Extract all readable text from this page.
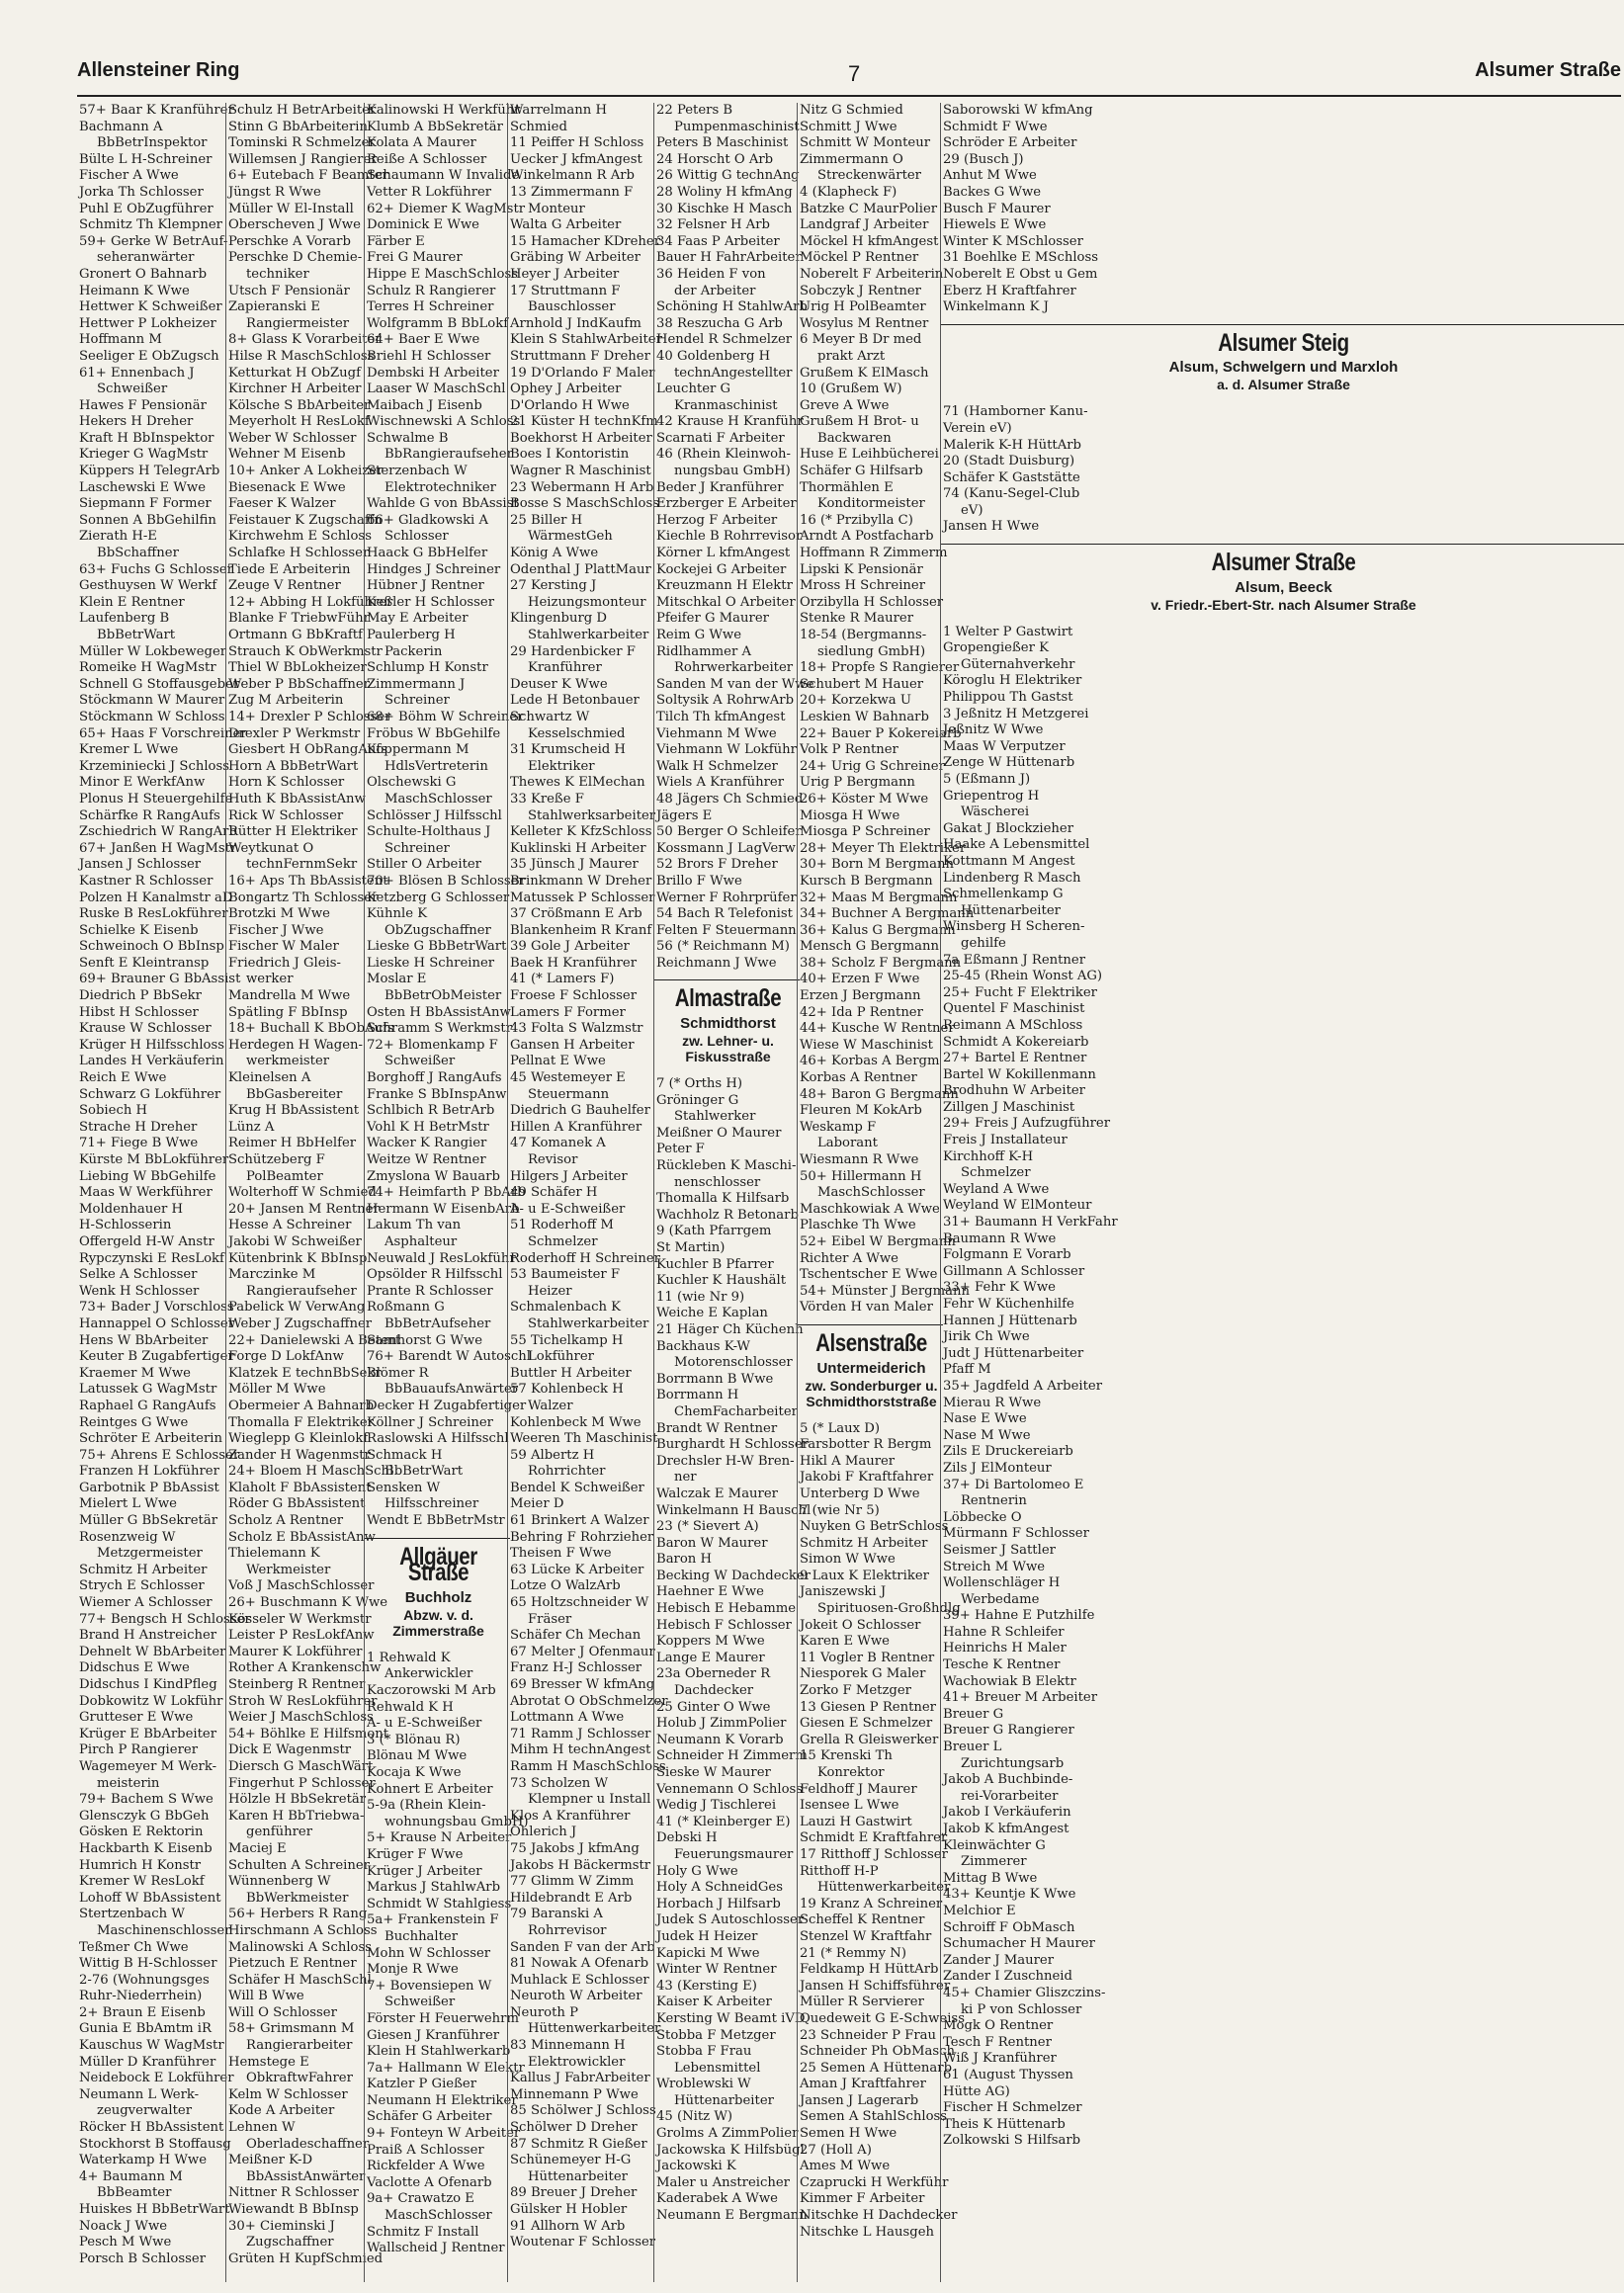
Allensteiner Ring	7	Alsumer Straße
57+ Baar K Kranführer
Bachmann A
BbBetrInspektor
Bülte L H-Schreiner
Fischer A Wwe
Jorka Th Schlosser
Puhl E ObZugführer
Schmitz Th Klempner
59+ Gerke W BetrAuf-
seheranwärter
Gronert O Bahnarb
Heimann K Wwe
Hettwer K Schweißer
Hettwer P Lokheizer
Hoffmann M
Seeliger E ObZugsch
61+ Ennenbach J
Schweißer
Hawes F Pensionär
Hekers H Dreher
Kraft H BbInspektor
Krieger G WagMstr
Küppers H TelegrArb
Laschewski E Wwe
Siepmann F Former
Sonnen A BbGehilfin
Zierath H-E
BbSchaffner
63+ Fuchs G Schlosser
Gesthuysen W Werkf
Klein E Rentner
Laufenberg B
BbBetrWart
Müller W Lokbeweger
Romeike H WagMstr
Schnell G Stoffausgeber
Stöckmann W Maurer
Stöckmann W Schloss
65+ Haas F Vorschreiner
Kremer L Wwe
Krzeminiecki J Schloss
Minor E WerkfAnw
Plonus H Steuergehilfe
Schärfke R RangAufs
Zschiedrich W RangArb
67+ Janßen H WagMstr
Jansen J Schlosser
Kastner R Schlosser
Polzen H Kanalmstr aD
Ruske B ResLokführer
Schielke K Eisenb
Schweinoch O BbInsp
Senft E Kleintransp
69+ Brauner G BbAssist
Diedrich P BbSekr
Hibst H Schlosser
Krause W Schlosser
Krüger H Hilfsschloss
Landes H Verkäuferin
Reich E Wwe
Schwarz G Lokführer
Sobiech H
Strache H Dreher
71+ Fiege B Wwe
Kürste M BbLokführer
Liebing W BbGehilfe
Maas W Werkführer
Moldenhauer H
H-Schlosserin
Offergeld H-W Anstr
Rypczynski E ResLokf
Selke A Schlosser
Wenk H Schlosser
73+ Bader J Vorschloss
Hannappel O Schlosser
Hens W BbArbeiter
Keuter B Zugabfertiger
Kraemer M Wwe
Latussek G WagMstr
Raphael G RangAufs
Reintges G Wwe
Schröter E Arbeiterin
75+ Ahrens E Schlosser
Franzen H Lokführer
Garbotnik P BbAssist
Mielert L Wwe
Müller G BbSekretär
Rosenzweig W
Metzgermeister
Schmitz H Arbeiter
Strych E Schlosser
Wiemer A Schlosser
77+ Bengsch H Schlosser
Brand H Anstreicher
Dehnelt W BbArbeiter
Didschus E Wwe
Didschus I KindPfleg
Dobkowitz W Lokführ
Grutteser E Wwe
Krüger E BbArbeiter
Pirch P Rangierer
Wagemeyer M Werk-
meisterin
79+ Bachem S Wwe
Glensczyk G BbGeh
Gösken E Rektorin
Hackbarth K Eisenb
Humrich H Konstr
Kremer W ResLokf
Lohoff W BbAssistent
Stertzenbach W
Maschinenschlosser
Teßmer Ch Wwe
Wittig B H-Schlosser
2-76 (Wohnungsges
Ruhr-Niederrhein)
2+ Braun E Eisenb
Gunia E BbAmtm iR
Kauschus W WagMstr
Müller D Kranführer
Neidebock E Lokführer
Neumann L Werk-
zeugverwalter
Röcker H BbAssistent
Stockhorst B Stoffausg
Waterkamp H Wwe
4+ Baumann M
BbBeamter
Huiskes H BbBetrWart
Noack J Wwe
Pesch M Wwe
Porsch B Schlosser
Schulz H BetrArbeiter
Stinn G BbArbeiterin
Tominski R Schmelzer
Willemsen J Rangierer
6+ Eutebach F Beamter
Jüngst R Wwe
Müller W El-Install
Oberscheven J Wwe
Perschke A Vorarb
Perschke D Chemie-
techniker
Utsch F Pensionär
Zapieranski E
Rangiermeister
8+ Glass K Vorarbeiter
Hilse R MaschSchloss
Ketturkat H ObZugf
Kirchner H Arbeiter
Kölsche S BbArbeiter
Meyerholt H ResLokf
Weber W Schlosser
Wehner M Eisenb
10+ Anker A Lokheizer
Biesenack E Wwe
Faeser K Walzer
Feistauer K Zugschaffn
Kirchwehm E Schloss
Schlafke H Schlosser
Tiede E Arbeiterin
Zeuge V Rentner
12+ Abbing H Lokführer
Blanke F TriebwFühr
Ortmann G BbKraftf
Strauch K ObWerkmstr
Thiel W BbLokheizer
Weber P BbSchaffner
Zug M Arbeiterin
14+ Drexler P Schlosser
Drexler P Werkmstr
Giesbert H ObRangAufs
Horn A BbBetrWart
Horn K Schlosser
Huth K BbAssistAnw
Rick W Schlosser
Rütter H Elektriker
Weytkunat O
technFernmSekr
16+ Aps Th BbAssistent
Bongartz Th Schlosser
Brotzki M Wwe
Fischer J Wwe
Fischer W Maler
Friedrich J Gleis-
werker
Mandrella M Wwe
Spätling F BbInsp
18+ Buchall K BbObAufs
Herdegen H Wagen-
werkmeister
Kleinelsen A
BbGasbereiter
Krug H BbAssistent
Lünz A
Reimer H BbHelfer
Schützeberg F
PolBeamter
Wolterhoff W Schmied
20+ Jansen M Rentner
Hesse A Schreiner
Jakobi W Schweißer
Kütenbrink K BbInsp
Marczinke M
Rangieraufseher
Pabelick W VerwAng
Weber J Zugschaffner
22+ Danielewski A Beamt
Forge D LokfAnw
Klatzek E technBbSekr
Möller M Wwe
Obermeier A Bahnarb
Thomalla F Elektriker
Wieglepp G Kleinlokf
Zander H Wagenmstr
24+ Bloem H MaschSchl
Klaholt F BbAssistent
Röder G BbAssistent
Scholz A Rentner
Scholz E BbAssistAnw
Thielemann K
Werkmeister
Voß J MaschSchlosser
26+ Buschmann K Wwe
Kösseler W Werkmstr
Leister P ResLokfAnw
Maurer K Lokführer
Rother A Krankenschw
Steinberg R Rentner
Stroh W ResLokführer
Weier J MaschSchloss
54+ Böhlke E Hilfsmont
Dick E Wagenmstr
Diersch G MaschWärt
Fingerhut P Schlosser
Hölzle H BbSekretär
Karen H BbTriebwa-
genführer
Maciej E
Schulten A Schreiner
Wünnenberg W
BbWerkmeister
56+ Herbers R Rang
Hirschmann A Schloss
Malinowski A Schloss
Pietzuch E Rentner
Schäfer H MaschSchl
Will B Wwe
Will O Schlosser
58+ Grimsmann M
Rangierarbeiter
Hemstege E
ObkraftwFahrer
Kelm W Schlosser
Kode A Arbeiter
Lehnen W
Oberladeschaffner
Meißner K-D
BbAssistAnwärter
Nittner R Schlosser
Wiewandt B BbInsp
30+ Cieminski J
Zugschaffner
Grüten H KupfSchmied
Kalinowski H Werkführ
Klumb A BbSekretär
Kolata A Maurer
Reiße A Schlosser
Schaumann W Invalide
Vetter R Lokführer
62+ Diemer K WagMstr
Dominick E Wwe
Färber E
Frei G Maurer
Hippe E MaschSchloss
Schulz R Rangierer
Terres H Schreiner
Wolfgramm B BbLokf
64+ Baer E Wwe
Briehl H Schlosser
Dembski H Arbeiter
Laaser W MaschSchl
Maibach J Eisenb
Wischnewski A Schloss
Schwalme B
BbRangieraufseher
Sterzenbach W
Elektrotechniker
Wahlde G von BbAssist
66+ Gladkowski A
Schlosser
Haack G BbHelfer
Hindges J Schreiner
Hübner J Rentner
Keßler H Schlosser
May E Arbeiter
Paulerberg H
Packerin
Schlump H Konstr
Zimmermann J
Schreiner
68+ Böhm W Schreiner
Fröbus W BbGehilfe
Koppermann M
HdlsVertreterin
Olschewski G
MaschSchlosser
Schlösser J Hilfsschl
Schulte-Holthaus J
Schreiner
Stiller O Arbeiter
70+ Blösen B Schlosser
Ketzberg G Schlosser
Kühnle K
ObZugschaffner
Lieske G BbBetrWart
Lieske H Schreiner
Moslar E
BbBetrObMeister
Osten H BbAssistAnw
Schramm S Werkmstr
72+ Blomenkamp F
Schweißer
Borghoff J RangAufs
Franke S BbInspAnw
Schlbich R BetrArb
Vohl K H BetrMstr
Wacker K Rangier
Weitze W Rentner
Zmyslona W Bauarb
74+ Heimfarth P BbArb
Hermann W EisenbArb
Lakum Th van
Asphalteur
Neuwald J ResLokführ
Opsölder R Hilfsschl
Prante R Schlosser
Roßmann G
BbBetrAufseher
Stenhorst G Wwe
76+ Barendt W Autoschl
Blömer R
BbBauaufsAnwärter
Decker H Zugabfertiger
Köllner J Schreiner
Raslowski A Hilfsschl
Schmack H
BbBetrWart
Sensken W
Hilfsschreiner
Wendt E BbBetrMstr
Allgäuer Straße
Buchholz
Abzw. v. d. Zimmerstraße
1 Rehwald K
Ankerwickler
Kaczorowski M Arb
Rehwald K H
A- u E-Schweißer
3 (* Blönau R)
Blönau M Wwe
Kocaja K Wwe
Kohnert E Arbeiter
5-9a (Rhein Klein-
wohnungsbau GmbH)
5+ Krause N Arbeiter
Krüger F Wwe
Krüger J Arbeiter
Markus J StahlwArb
Schmidt W Stahlgiess
5a+ Frankenstein F
Buchhalter
Mohn W Schlosser
Monje R Wwe
7+ Bovensiepen W
Schweißer
Förster H Feuerwehrm
Giesen J Kranführer
Klein H Stahlwerkarb
7a+ Hallmann W Elektr
Katzler P Gießer
Neumann H Elektriker
Schäfer G Arbeiter
9+ Fonteyn W Arbeiter
Praiß A Schlosser
Rickfelder A Wwe
Vaclotte A Ofenarb
9a+ Crawatzo E
MaschSchlosser
Schmitz F Install
Wallscheid J Rentner
Warrelmann H
Schmied
11 Peiffer H Schloss
Uecker J kfmAngest
Winkelmann R Arb
13 Zimmermann F
Monteur
Walta G Arbeiter
15 Hamacher KDreher
Gräbing W Arbeiter
Heyer J Arbeiter
17 Struttmann F
Bauschlosser
Arnhold J IndKaufm
Klein S StahlwArbeiter
Struttmann F Dreher
19 D'Orlando F Maler
Ophey J Arbeiter
D'Orlando H Wwe
21 Küster H technKfm
Boekhorst H Arbeiter
Boes I Kontoristin
Wagner R Maschinist
23 Webermann H Arb
Bosse S MaschSchloss
25 Biller H
WärmestGeh
König A Wwe
Odenthal J PlattMaur
27 Kersting J
Heizungsmonteur
Klingenburg D
Stahlwerkarbeiter
29 Hardenbicker F
Kranführer
Deuser K Wwe
Lede H Betonbauer
Schwartz W
Kesselschmied
31 Krumscheid H
Elektriker
Thewes K ElMechan
33 Kreße F
Stahlwerksarbeiter
Kelleter K KfzSchloss
Kuklinski H Arbeiter
35 Jünsch J Maurer
Brinkmann W Dreher
Matussek P Schlosser
37 Crößmann E Arb
Blankenheim R Kranf
39 Gole J Arbeiter
Baek H Kranführer
41 (* Lamers F)
Froese F Schlosser
Lamers F Former
43 Folta S Walzmstr
Gansen H Arbeiter
Pellnat E Wwe
45 Westemeyer E
Steuermann
Diedrich G Bauhelfer
Hillen A Kranführer
47 Komanek A
Revisor
Hilgers J Arbeiter
49 Schäfer H
A- u E-Schweißer
51 Roderhoff M
Schmelzer
Roderhoff H Schreiner
53 Baumeister F
Heizer
Schmalenbach K
Stahlwerkarbeiter
55 Tichelkamp H
Lokführer
Buttler H Arbeiter
57 Kohlenbeck H
Walzer
Kohlenbeck M Wwe
Weeren Th Maschinist
59 Albertz H
Rohrrichter
Bendel K Schweißer
Meier D
61 Brinkert A Walzer
Behring F Rohrzieher
Theisen F Wwe
63 Lücke K Arbeiter
Lotze O WalzArb
65 Holtzschneider W
Fräser
Schäfer Ch Mechan
67 Melter J Ofenmaur
Franz H-J Schlosser
69 Bresser W kfmAng
Abrotat O ObSchmelzer
Lottmann A Wwe
71 Ramm J Schlosser
Mihm H technAngest
Ramm H MaschSchloss
73 Scholzen W
Klempner u Install
Klos A Kranführer
Ohlerich J
75 Jakobs J kfmAng
Jakobs H Bäckermstr
77 Glimm W Zimm
Hildebrandt E Arb
79 Baranski A
Rohrrevisor
Sanden F van der Arb
81 Nowak A Ofenarb
Muhlack E Schlosser
Neuroth W Arbeiter
Neuroth P
Hüttenwerkarbeiter
83 Minnemann H
Elektrowickler
Kallus J FabrArbeiter
Minnemann P Wwe
85 Schölwer J Schloss
Schölwer D Dreher
87 Schmitz R Gießer
Schünemeyer H-G
Hüttenarbeiter
89 Breuer J Dreher
Gülsker H Hobler
91 Allhorn W Arb
Woutenar F Schlosser
22 Peters B
Pumpenmaschinist
Peters B Maschinist
24 Horscht O Arb
26 Wittig G technAng
28 Woliny H kfmAng
30 Kischke H Masch
32 Felsner H Arb
34 Faas P Arbeiter
Bauer H FahrArbeiter
36 Heiden F von
der Arbeiter
Schöning H StahlwArb
38 Reszucha G Arb
Hendel R Schmelzer
40 Goldenberg H
technAngestellter
Leuchter G
Kranmaschinist
42 Krause H Kranführ
Scarnati F Arbeiter
46 (Rhein Kleinwoh-
nungsbau GmbH)
Beder J Kranführer
Erzberger E Arbeiter
Herzog F Arbeiter
Kiechle B Rohrrevisor
Körner L kfmAngest
Kockejei G Arbeiter
Kreuzmann H Elektr
Mitschkal O Arbeiter
Pfeifer G Maurer
Reim G Wwe
Ridlhammer A
Rohrwerkarbeiter
Sanden M van der Wwe
Soltysik A RohrwArb
Tilch Th kfmAngest
Viehmann M Wwe
Viehmann W Lokführ
Walk H Schmelzer
Wiels A Kranführer
48 Jägers Ch Schmied
Jägers E
50 Berger O Schleifer
Kossmann J LagVerw
52 Brors F Dreher
Brillo F Wwe
Werner F Rohrprüfer
54 Bach R Telefonist
Felten F Steuermann
56 (* Reichmann M)
Reichmann J Wwe
Almastraße
Schmidthorst
zw. Lehner- u. Fiskusstraße
7 (* Orths H)
Gröninger G
Stahlwerker
Meißner O Maurer
Peter F
Rückleben K Maschi-
nenschlosser
Thomalla K Hilfsarb
Wachholz R Betonarb
9 (Kath Pfarrgem
St Martin)
Kuchler B Pfarrer
Kuchler K Haushält
11 (wie Nr 9)
Weiche E Kaplan
21 Häger Ch Küchenh
Backhaus K-W
Motorenschlosser
Borrmann B Wwe
Borrmann H
ChemFacharbeiter
Brandt W Rentner
Burghardt H Schlosser
Drechsler H-W Bren-
ner
Walczak E Maurer
Winkelmann H Bauschl
23 (* Sievert A)
Baron W Maurer
Baron H
Becking W Dachdecker
Haehner E Wwe
Hebisch E Hebamme
Hebisch F Schlosser
Koppers M Wwe
Lange E Maurer
23a Oberneder R
Dachdecker
25 Ginter O Wwe
Holub J ZimmPolier
Neumann K Vorarb
Schneider H Zimmerm
Sieske W Maurer
Vennemann O Schloss
Wedig J Tischlerei
41 (* Kleinberger E)
Debski H
Feuerungsmaurer
Holy G Wwe
Holy A SchneidGes
Horbach J Hilfsarb
Judek S Autoschlosser
Judek H Heizer
Kapicki M Wwe
Winter W Rentner
43 (Kersting E)
Kaiser K Arbeiter
Kersting W Beamt iVD
Stobba F Metzger
Stobba F Frau
Lebensmittel
Wroblewski W
Hüttenarbeiter
45 (Nitz W)
Grolms A ZimmPolier
Jackowska K Hilfsbügl
Jackowski K
Maler u Anstreicher
Kaderabek A Wwe
Neumann E Bergmann
Nitz G Schmied
Schmitt J Wwe
Schmitt W Monteur
Zimmermann O
Streckenwärter
4 (Klapheck F)
Batzke C MaurPolier
Landgraf J Arbeiter
Möckel H kfmAngest
Möckel P Rentner
Noberelt F Arbeiterin
Sobczyk J Rentner
Urig H PolBeamter
Wosylus M Rentner
6 Meyer B Dr med
prakt Arzt
Grußem K ElMasch
10 (Grußem W)
Greve A Wwe
Grußem H Brot- u
Backwaren
Huse E Leihbücherei
Schäfer G Hilfsarb
Thormählen E
Konditormeister
16 (* Przibylla C)
Arndt A Postfacharb
Hoffmann R Zimmerm
Lipski K Pensionär
Mross H Schreiner
Orzibylla H Schlosser
Stenke R Maurer
18-54 (Bergmanns-
siedlung GmbH)
18+ Propfe S Rangierer
Schubert M Hauer
20+ Korzekwa U
Leskien W Bahnarb
22+ Bauer P Kokereiarb
Volk P Rentner
24+ Urig G Schreiner
Urig P Bergmann
26+ Köster M Wwe
Miosga H Wwe
Miosga P Schreiner
28+ Meyer Th Elektriker
30+ Born M Bergmann
Kursch B Bergmann
32+ Maas M Bergmann
34+ Buchner A Bergmann
36+ Kalus G Bergmann
Mensch G Bergmann
38+ Scholz F Bergmann
40+ Erzen F Wwe
Erzen J Bergmann
42+ Ida P Rentner
44+ Kusche W Rentner
Wiese W Maschinist
46+ Korbas A Bergm
Korbas A Rentner
48+ Baron G Bergmann
Fleuren M KokArb
Weskamp F
Laborant
Wiesmann R Wwe
50+ Hillermann H
MaschSchlosser
Maschkowiak A Wwe
Plaschke Th Wwe
52+ Eibel W Bergmann
Richter A Wwe
Tschentscher E Wwe
54+ Münster J Bergmann
Vörden H van Maler
Alsenstraße
Untermeiderich
zw. Sonderburger u. Schmidthorststraße
5 (* Laux D)
Farsbotter R Bergm
Hikl A Maurer
Jakobi F Kraftfahrer
Unterberg D Wwe
7 (wie Nr 5)
Nuyken G BetrSchloss
Schmitz H Arbeiter
Simon W Wwe
9 Laux K Elektriker
Janiszewski J
Spirituosen-Großhdlg
Jokeit O Schlosser
Karen E Wwe
11 Vogler B Rentner
Niesporek G Maler
Zorko F Metzger
13 Giesen P Rentner
Giesen E Schmelzer
Grella R Gleiswerker
15 Krenski Th
Konrektor
Feldhoff J Maurer
Isensee L Wwe
Lauzi H Gastwirt
Schmidt E Kraftfahrer
17 Ritthoff J Schlosser
Ritthoff H-P
Hüttenwerkarbeiter
19 Kranz A Schreiner
Scheffel K Rentner
Stenzel W Kraftfahr
21 (* Remmy N)
Feldkamp H HüttArb
Jansen H Schiffsführer
Müller R Servierer
Quedeweit G E-Schweiss
23 Schneider P Frau
Schneider Ph ObMasch
25 Semen A Hüttenarb
Aman J Kraftfahrer
Jansen J Lagerarb
Semen A StahlSchloss
Semen H Wwe
27 (Holl A)
Ames M Wwe
Czaprucki H Werkführ
Kimmer F Arbeiter
Nitschke H Dachdecker
Nitschke L Hausgeh
Saborowski W kfmAng
Schmidt F Wwe
Schröder E Arbeiter
29 (Busch J)
Anhut M Wwe
Backes G Wwe
Busch F Maurer
Hiewels E Wwe
Winter K MSchlosser
31 Boehlke E MSchloss
Noberelt E Obst u Gem
Eberz H Kraftfahrer
Winkelmann K J
Alsumer Steig
Alsum, Schwelgern und Marxloh
a. d. Alsumer Straße
71 (Hamborner Kanu-
Verein eV)
Malerik K-H HüttArb
20 (Stadt Duisburg)
Schäfer K Gaststätte
74 (Kanu-Segel-Club
eV)
Jansen H Wwe
Alsumer Straße
Alsum, Beeck
v. Friedr.-Ebert-Str. nach Alsumer Straße
1 Welter P Gastwirt
Gropengießer K
Güternahverkehr
Köroglu H Elektriker
Philippou Th Gastst
3 Jeßnitz H Metzgerei
Jeßnitz W Wwe
Maas W Verputzer
Zenge W Hüttenarb
5 (Eßmann J)
Griepentrog H
Wäscherei
Gakat J Blockzieher
Haake A Lebensmittel
Kottmann M Angest
Lindenberg R Masch
Schmellenkamp G
Hüttenarbeiter
Winsberg H Scheren-
gehilfe
7a Eßmann J Rentner
25-45 (Rhein Wonst AG)
25+ Fucht F Elektriker
Quentel F Maschinist
Reimann A MSchloss
Schmidt A Kokereiarb
27+ Bartel E Rentner
Bartel W Kokillenmann
Brodhuhn W Arbeiter
Zillgen J Maschinist
29+ Freis J Aufzugführer
Freis J Installateur
Kirchhoff K-H
Schmelzer
Weyland A Wwe
Weyland W ElMonteur
31+ Baumann H VerkFahr
Baumann R Wwe
Folgmann E Vorarb
Gillmann A Schlosser
33+ Fehr K Wwe
Fehr W Küchenhilfe
Hannen J Hüttenarb
Jirik Ch Wwe
Judt J Hüttenarbeiter
Pfaff M
35+ Jagdfeld A Arbeiter
Mierau R Wwe
Nase E Wwe
Nase M Wwe
Zils E Druckereiarb
Zils J ElMonteur
37+ Di Bartolomeo E
Rentnerin
Löbbecke O
Mürmann F Schlosser
Seismer J Sattler
Streich M Wwe
Wollenschläger H
Werbedame
39+ Hahne E Putzhilfe
Hahne R Schleifer
Heinrichs H Maler
Tesche K Rentner
Wachowiak B Elektr
41+ Breuer M Arbeiter
Breuer G
Breuer G Rangierer
Breuer L
Zurichtungsarb
Jakob A Buchbinde-
rei-Vorarbeiter
Jakob I Verkäuferin
Jakob K kfmAngest
Kleinwächter G
Zimmerer
Mittag B Wwe
43+ Keuntje K Wwe
Melchior E
Schroiff F ObMasch
Schumacher H Maurer
Zander J Maurer
Zander I Zuschneid
45+ Chamier Gliszczins-
ki P von Schlosser
Mogk O Rentner
Tesch F Rentner
Wiß J Kranführer
61 (August Thyssen
Hütte AG)
Fischer H Schmelzer
Theis K Hüttenarb
Zolkowski S Hilfsarb
